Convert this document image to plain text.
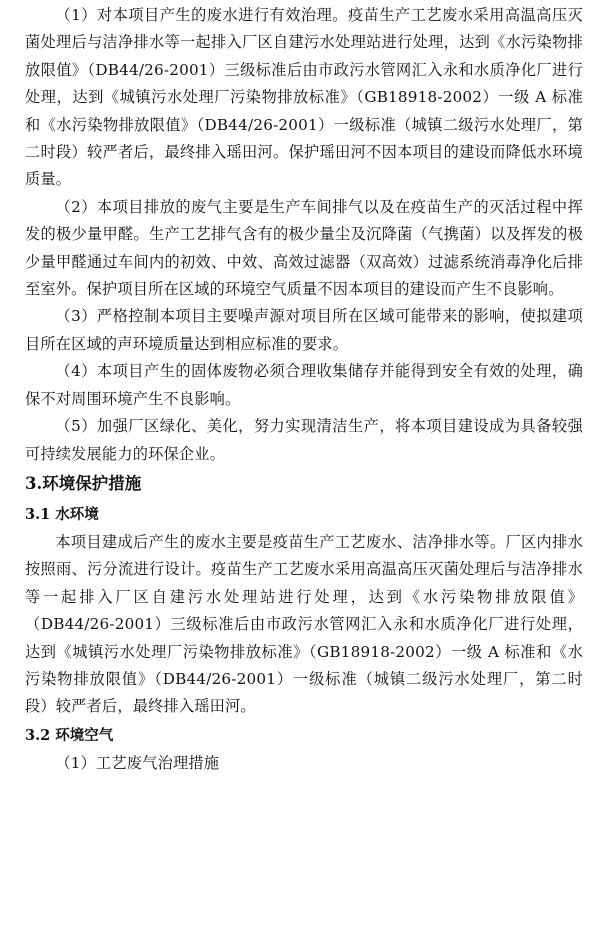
（1）对本项目产生的废水进行有效治理。疫苗生产工艺废水采用高温高压灭菌处理后与洁净排水等一起排入厂区自建污水处理站进行处理，达到《水污染物排放限值》（DB44/26-2001）三级标准后由市政污水管网汇入永和水质净化厂进行处理，达到《城镇污水处理厂污染物排放标准》（GB18918-2002）一级 A 标准和《水污染物排放限值》（DB44/26-2001）一级标准（城镇二级污水处理厂，第二时段）较严者后，最终排入瑶田河。保护瑶田河不因本项目的建设而降低水环境质量。

（2）本项目排放的废气主要是生产车间排气以及在疫苗生产的灭活过程中挥发的极少量甲醛。生产工艺排气含有的极少量尘及沉降菌（气携菌）以及挥发的极少量甲醛通过车间内的初效、中效、高效过滤器（双高效）过滤系统消毒净化后排至室外。保护项目所在区域的环境空气质量不因本项目的建设而产生不良影响。

（3）严格控制本项目主要噪声源对项目所在区域可能带来的影响，使拟建项目所在区域的声环境质量达到相应标准的要求。

（4）本项目产生的固体废物必须合理收集储存并能得到安全有效的处理，确保不对周围环境产生不良影响。

（5）加强厂区绿化、美化，努力实现清洁生产，将本项目建设成为具备较强可持续发展能力的环保企业。

3.环境保护措施
3.1 水环境

本项目建成后产生的废水主要是疫苗生产工艺废水、洁净排水等。厂区内排水按照雨、污分流进行设计。疫苗生产工艺废水采用高温高压灭菌处理后与洁净排水等一起排入厂区自建污水处理站进行处理，达到《水污染物排放限值》（DB44/26-2001）三级标准后由市政污水管网汇入永和水质净化厂进行处理，达到《城镇污水处理厂污染物排放标准》（GB18918-2002）一级 A 标准和《水污染物排放限值》（DB44/26-2001）一级标准（城镇二级污水处理厂，第二时段）较严者后，最终排入瑶田河。

3.2 环境空气

（1）工艺废气治理措施
